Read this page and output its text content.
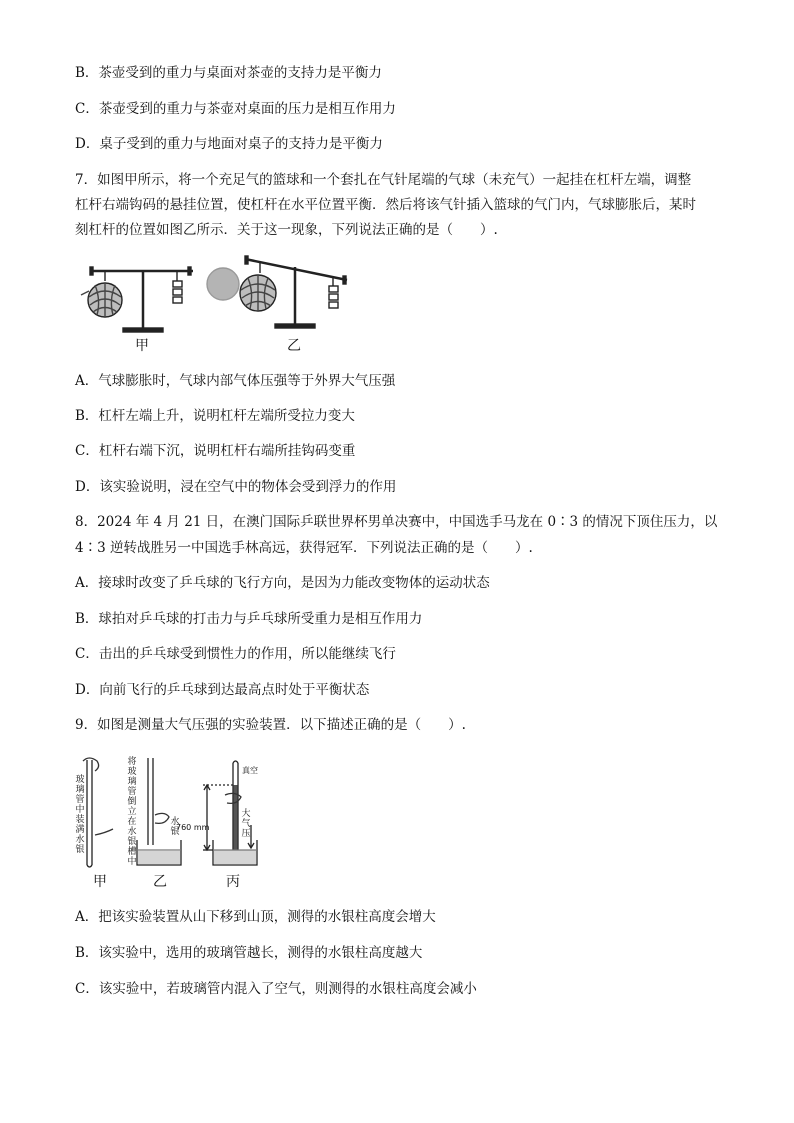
B．茶壶受到的重力与桌面对茶壶的支持力是平衡力
C．茶壶受到的重力与茶壶对桌面的压力是相互作用力
D．桌子受到的重力与地面对桌子的支持力是平衡力
7．如图甲所示，将一个充足气的篮球和一个套扎在气针尾端的气球（未充气）一起挂在杠杆左端，调整
杠杆右端钩码的悬挂位置，使杠杆在水平位置平衡．然后将该气针插入篮球的气门内，气球膨胀后，某时
刻杠杆的位置如图乙所示．关于这一现象，下列说法正确的是（　　）.
甲	乙
A．气球膨胀时，气球内部气体压强等于外界大气压强
B．杠杆左端上升，说明杠杆左端所受拉力变大
C．杠杆右端下沉，说明杠杆右端所挂钩码变重
D．该实验说明，浸在空气中的物体会受到浮力的作用
8．2024 年 4 月 21 日，在澳门国际乒联世界杯男单决赛中，中国选手马龙在 0∶3 的情况下顶住压力，以
4∶3 逆转战胜另一中国选手林高远，获得冠军．下列说法正确的是（　　）.
A．接球时改变了乒乓球的飞行方向，是因为力能改变物体的运动状态
B．球拍对乒乓球的打击力与乒乓球所受重力是相互作用力
C．击出的乒乓球受到惯性力的作用，所以能继续飞行
D．向前飞行的乒乓球到达最高点时处于平衡状态
9．如图是测量大气压强的实验装置．以下描述正确的是（　　）.
玻璃管中装满水银
将玻璃管倒立在水银槽中
水银
真空
760 mm
大气压
甲	乙	丙
A．把该实验装置从山下移到山顶，测得的水银柱高度会增大
B．该实验中，选用的玻璃管越长，测得的水银柱高度越大
C．该实验中，若玻璃管内混入了空气，则测得的水银柱高度会减小
